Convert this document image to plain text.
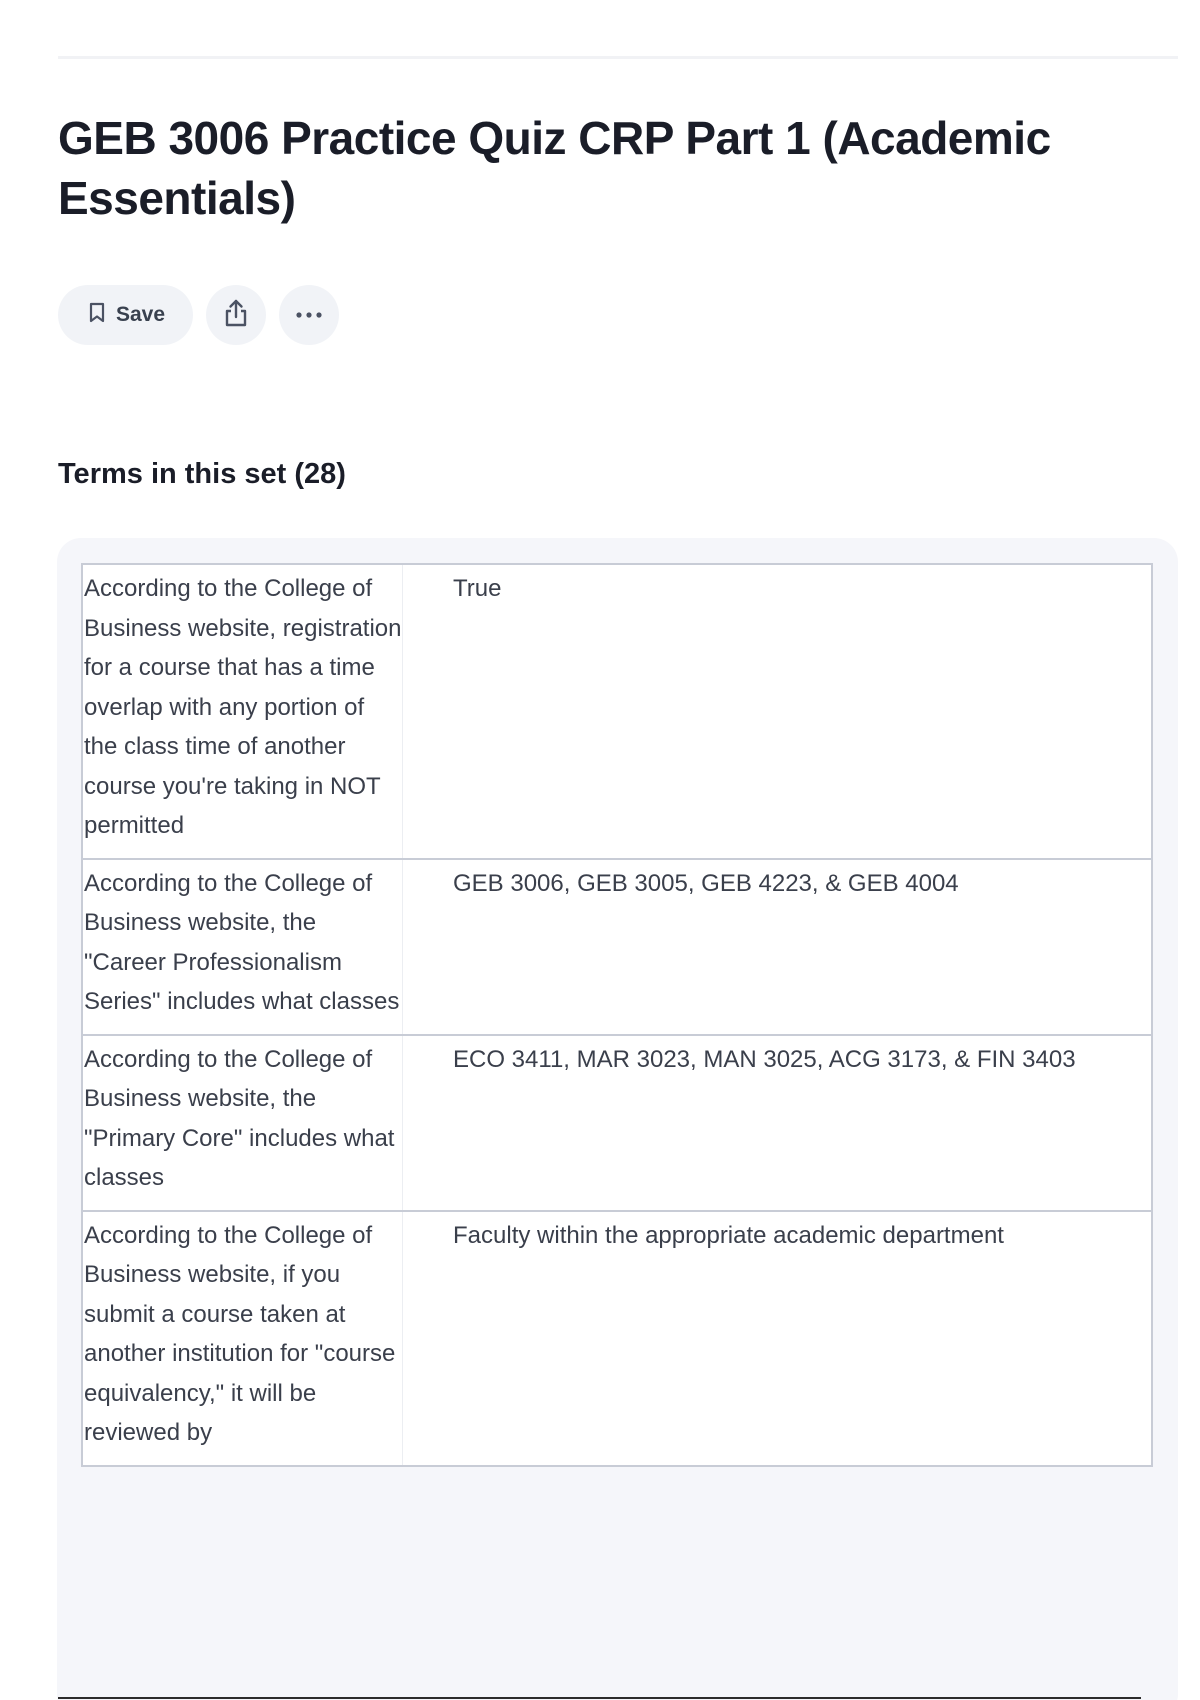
GEB 3006 Practice Quiz CRP Part 1 (Academic Essentials)
Save
Terms in this set (28)
According to the College of Business website, registration for a course that has a time overlap with any portion of the class time of another course you're taking in NOT permitted	True
According to the College of Business website, the "Career Professionalism Series" includes what classes	GEB 3006, GEB 3005, GEB 4223, & GEB 4004
According to the College of Business website, the "Primary Core" includes what classes	ECO 3411, MAR 3023, MAN 3025, ACG 3173, & FIN 3403
According to the College of Business website, if you submit a course taken at another institution for "course equivalency," it will be reviewed by	Faculty within the appropriate academic department
